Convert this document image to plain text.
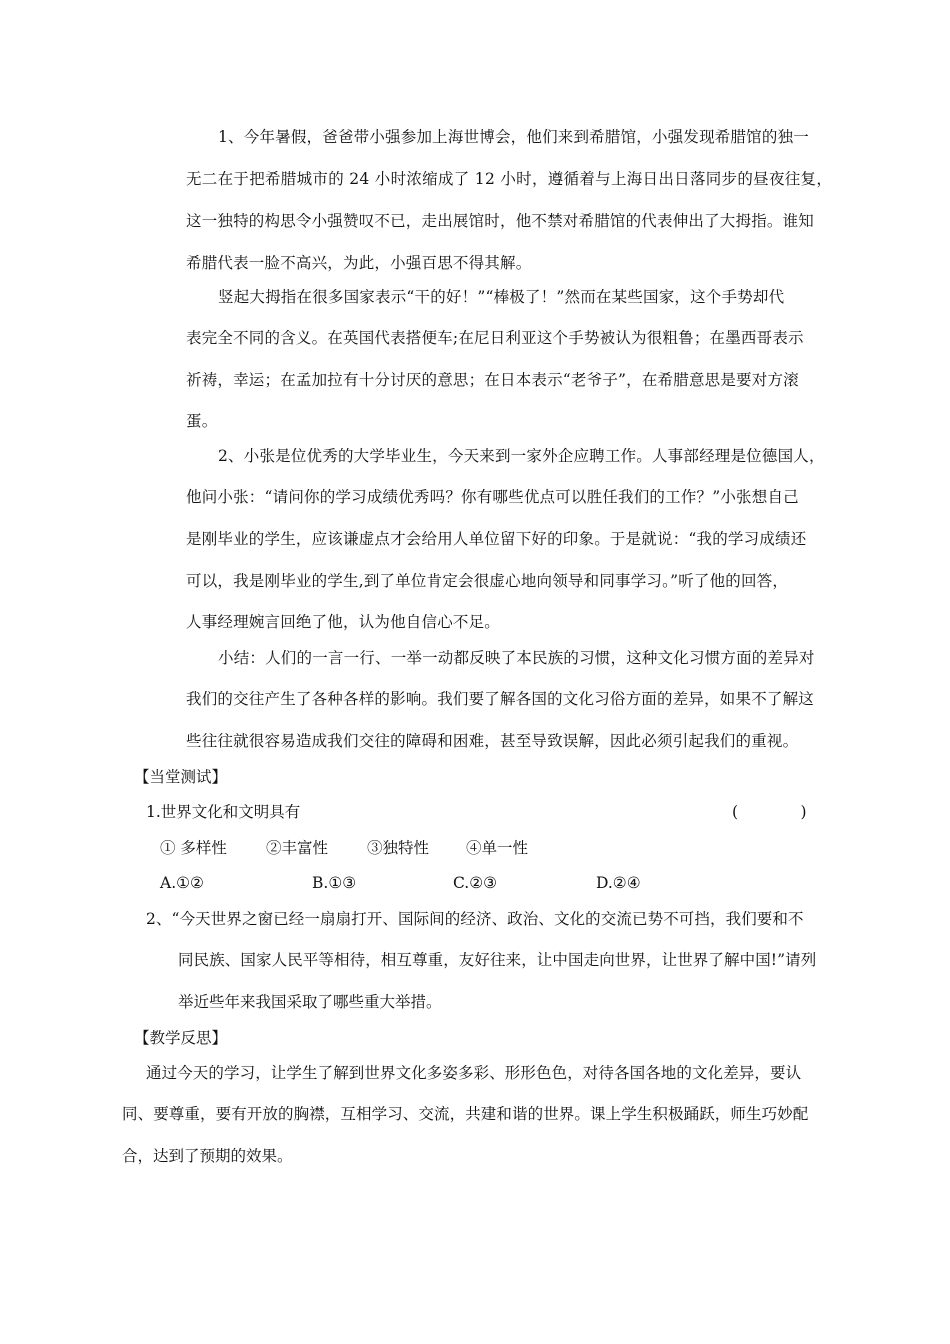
1、今年暑假，爸爸带小强参加上海世博会，他们来到希腊馆，小强发现希腊馆的独一
无二在于把希腊城市的 24 小时浓缩成了 12 小时，遵循着与上海日出日落同步的昼夜往复，
这一独特的构思令小强赞叹不已，走出展馆时，他不禁对希腊馆的代表伸出了大拇指。谁知
希腊代表一脸不高兴，为此，小强百思不得其解。
竖起大拇指在很多国家表示“干的好！”“棒极了！”然而在某些国家，这个手势却代
表完全不同的含义。在英国代表搭便车;在尼日利亚这个手势被认为很粗鲁；在墨西哥表示
祈祷，幸运；在孟加拉有十分讨厌的意思；在日本表示“老爷子”，在希腊意思是要对方滚
蛋。
2、小张是位优秀的大学毕业生，今天来到一家外企应聘工作。人事部经理是位德国人，
他问小张：“请问你的学习成绩优秀吗？你有哪些优点可以胜任我们的工作？”小张想自己
是刚毕业的学生，应该谦虚点才会给用人单位留下好的印象。于是就说：“我的学习成绩还
可以，我是刚毕业的学生,到了单位肯定会很虚心地向领导和同事学习。”听了他的回答，
人事经理婉言回绝了他，认为他自信心不足。
小结：人们的一言一行、一举一动都反映了本民族的习惯，这种文化习惯方面的差异对
我们的交往产生了各种各样的影响。我们要了解各国的文化习俗方面的差异，如果不了解这
些往往就很容易造成我们交往的障碍和困难，甚至导致误解，因此必须引起我们的重视。
【当堂测试】
1.世界文化和文明具有	(　　　)
① 多样性	②丰富性	③独特性 ④单一性
A.①②	B.①③	C.②③	D.②④
2、“今天世界之窗已经一扇扇打开、国际间的经济、政治、文化的交流已势不可挡，我们要和不
同民族、国家人民平等相待，相互尊重，友好往来，让中国走向世界，让世界了解中国!”请列
举近些年来我国采取了哪些重大举措。
【教学反思】
通过今天的学习，让学生了解到世界文化多姿多彩、形形色色，对待各国各地的文化差异，要认
同、要尊重，要有开放的胸襟，互相学习、交流，共建和谐的世界。课上学生积极踊跃，师生巧妙配
合，达到了预期的效果。
